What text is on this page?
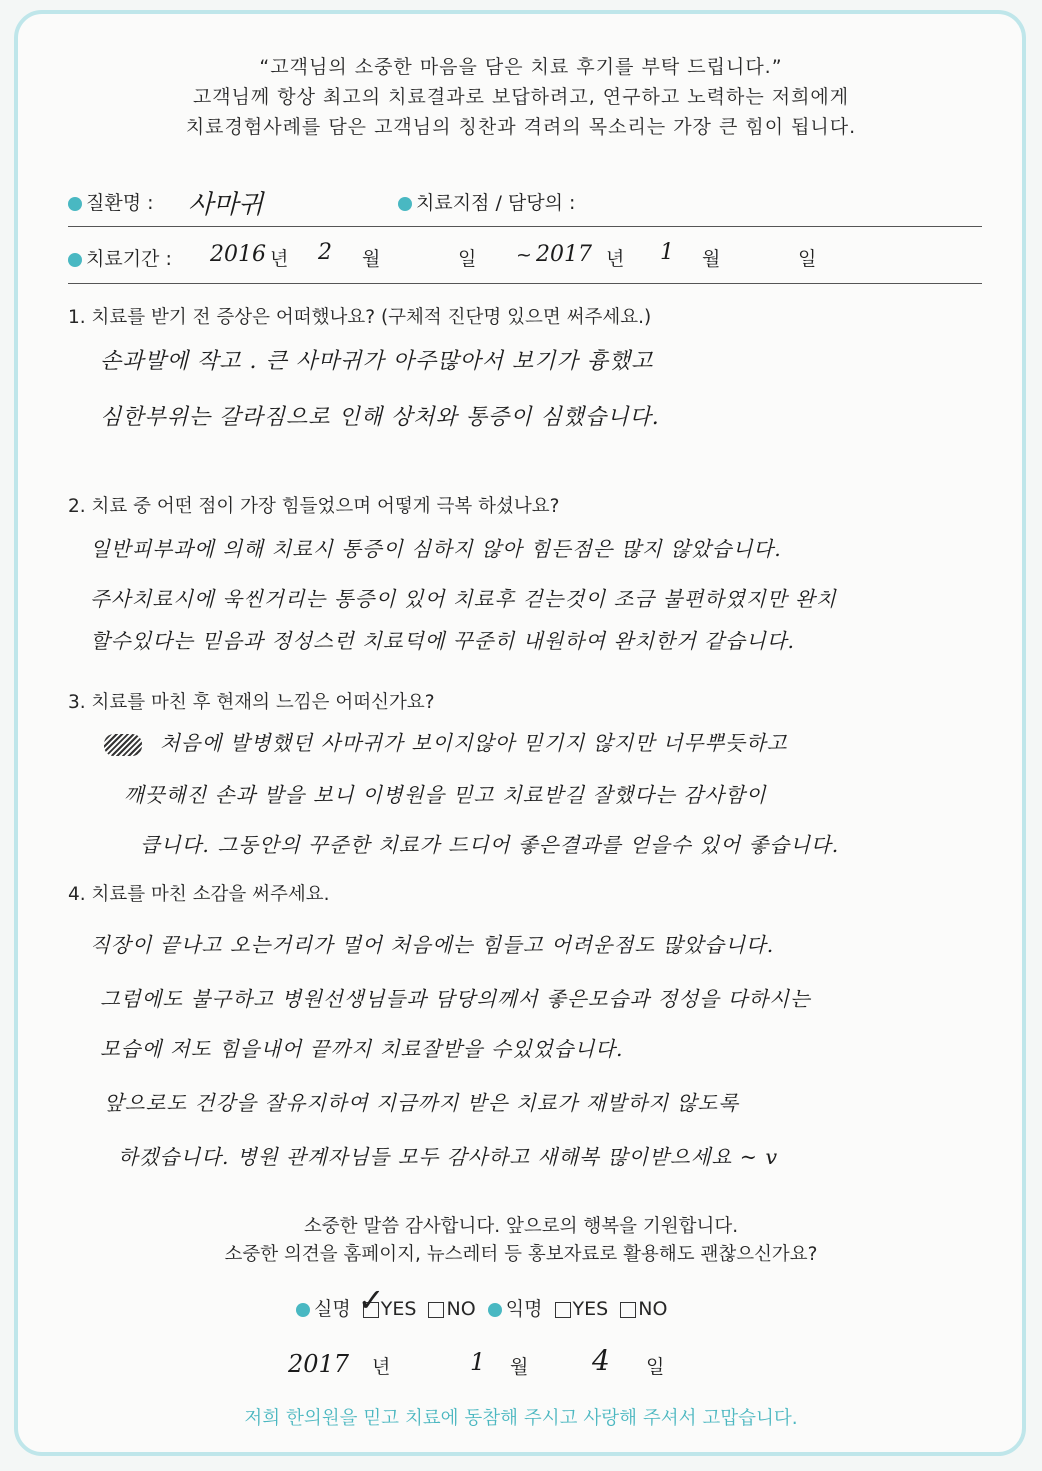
“고객님의 소중한 마음을 담은 치료 후기를 부탁 드립니다.”
고객님께 항상 최고의 치료결과로 보답하려고, 연구하고 노력하는 저희에게
치료경험사례를 담은 고객님의 칭찬과 격려의 목소리는 가장 큰 힘이 됩니다.
질환명 : 사마귀	치료지점 / 담당의 :
치료기간 : 2016 년 2 월	일 ~ 2017 년 1 월	일
1. 치료를 받기 전 증상은 어떠했나요? (구체적 진단명 있으면 써주세요.)
손과발에 작고 . 큰 사마귀가 아주많아서 보기가 흉했고
심한부위는 갈라짐으로 인해 상처와 통증이 심했습니다.
2. 치료 중 어떤 점이 가장 힘들었으며 어떻게 극복 하셨나요?
일반피부과에 의해 치료시 통증이 심하지 않아 힘든점은 많지 않았습니다.
주사치료시에 욱씬거리는 통증이 있어 치료후 걷는것이 조금 불편하였지만 완치
할수있다는 믿음과 정성스런 치료덕에 꾸준히 내원하여 완치한거 같습니다.
3. 치료를 마친 후 현재의 느낌은 어떠신가요?
처음에 발병했던 사마귀가 보이지않아 믿기지 않지만 너무뿌듯하고
깨끗해진 손과 발을 보니 이병원을 믿고 치료받길 잘했다는 감사함이
큽니다. 그동안의 꾸준한 치료가 드디어 좋은결과를 얻을수 있어 좋습니다.
4. 치료를 마친 소감을 써주세요.
직장이 끝나고 오는거리가 멀어 처음에는 힘들고 어려운점도 많았습니다.
그럼에도 불구하고 병원선생님들과 담당의께서 좋은모습과 정성을 다하시는
모습에 저도 힘을내어 끝까지 치료잘받을 수있었습니다.
앞으로도 건강을 잘유지하여 지금까지 받은 치료가 재발하지 않도록
하겠습니다. 병원 관계자님들 모두 감사하고 새해복 많이받으세요 ~ v
소중한 말씀 감사합니다. 앞으로의 행복을 기원합니다.
소중한 의견을 홈페이지, 뉴스레터 등 홍보자료로 활용해도 괜찮으신가요?
실명 ✓
YES NO 익명 YES NO
2017 년	1 월 4 일
저희 한의원을 믿고 치료에 동참해 주시고 사랑해 주셔서 고맙습니다.
